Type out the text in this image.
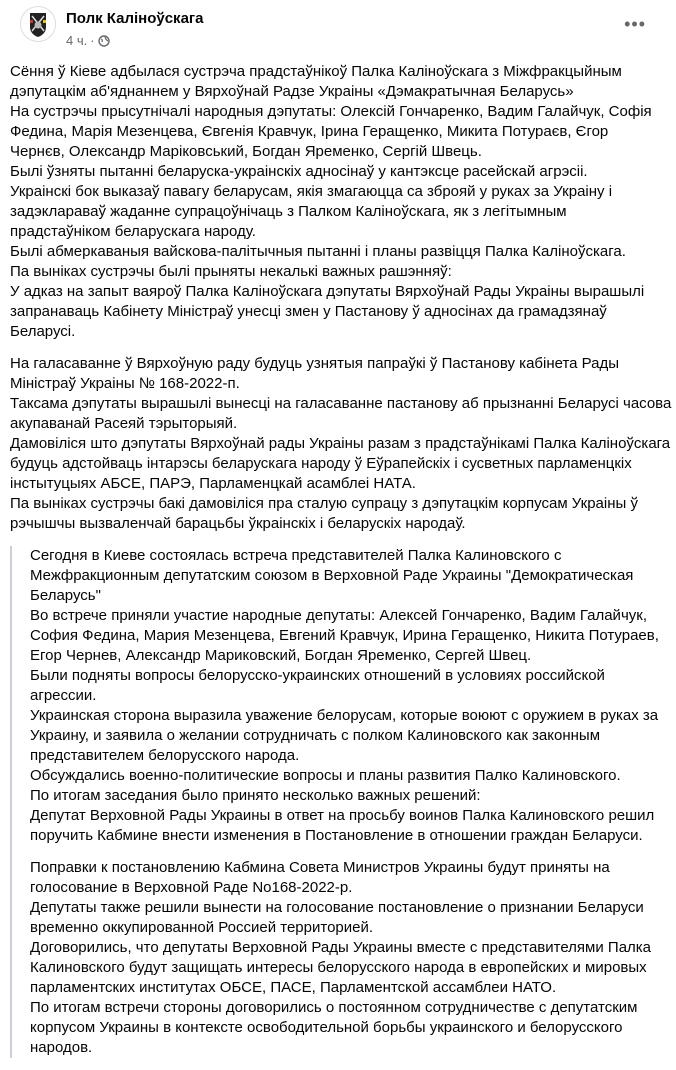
Полк Каліноўскага
4 ч. ·
•••
Сёння ў Кіеве адбылася сустрэча прадстаўнікоў Палка Каліноўскага з Міжфракцыйным
дэпутацкім аб'яднаннем у Вярхоўнай Радзе Украіны «Дэмакратычная Беларусь»
На сустрэчы прысутнічалі народныя дэпутаты: Олексій Гончаренко, Вадим Галайчук, Софія
Федина, Марія Мезенцева, Євгенія Кравчук, Ірина Геращенко, Микита Потураєв, Єгор
Чернєв, Олександр Маріковський, Богдан Яременко, Сергій Швець.
Былі ўзняты пытанні беларуска-украінскіх адносінаў у кантэксце расейскай агрэсіі.
Украінскі бок выказаў павагу беларусам, якія змагаюцца са зброяй у руках за Украіну і
задэклараваў жаданне супрацоўнічаць з Палком Каліноўскага, як з легітымным
прадстаўніком беларускага народу.
Былі абмеркаваныя вайскова-палітычныя пытанні і планы развіцця Палка Каліноўскага.
Па выніках сустрэчы былі прыняты некалькі важных рашэнняў:
У адказ на запыт ваяроў Палка Каліноўскага дэпутаты Вярхоўнай Рады Украіны вырашылі
запранаваць Кабінету Міністраў унесці змен у Пастанову ў адносінах да грамадзянаў
Беларусі.
На галасаванне ў Вярхоўную раду будуць узнятыя папраўкі ў Пастанову кабінета Рады
Міністраў Украіны № 168-2022-п.
Таксама дэпутаты вырашылі вынесці на галасаванне пастанову аб прызнанні Беларусі часова
акупаванай Расеяй тэрыторыяй.
Дамовіліся што дэпутаты Вярхоўнай рады Украіны разам з прадстаўнікамі Палка Каліноўскага
будуць адстойваць інтарэсы беларускага народу ў Еўрапейскіх і сусветных парламенцкіх
інстытуцыях АБСЕ, ПАРЭ, Парламенцкай асамблеі НАТА.
Па выніках сустрэчы бакі дамовіліся пра сталую супрацу з дэпутацкім корпусам Украіны ў
рэчышчы вызваленчай барацьбы ўкраінскіх і беларускіх народаў.
Сегодня в Киеве состоялась встреча представителей Палка Калиновского с
Межфракционным депутатским союзом в Верховной Раде Украины "Демократическая
Беларусь"
Во встрече приняли участие народные депутаты: Алексей Гончаренко, Вадим Галайчук,
София Федина, Мария Мезенцева, Евгений Кравчук, Ирина Геращенко, Никита Потураев,
Егор Чернев, Александр Мариковский, Богдан Яременко, Сергей Швец.
Были подняты вопросы белорусско-украинских отношений в условиях российской
агрессии.
Украинская сторона выразила уважение белорусам, которые воюют с оружием в руках за
Украину, и заявила о желании сотрудничать с полком Калиновского как законным
представителем белорусского народа.
Обсуждались военно-политические вопросы и планы развития Палко Калиновского.
По итогам заседания было принято несколько важных решений:
Депутат Верховной Рады Украины в ответ на просьбу воинов Палка Калиновского решил
поручить Кабмине внести изменения в Постановление в отношении граждан Беларуси.
Поправки к постановлению Кабмина Совета Министров Украины будут приняты на
голосование в Верховной Раде No168-2022-р.
Депутаты также решили вынести на голосование постановление о признании Беларуси
временно оккупированной Россией территорией.
Договорились, что депутаты Верховной Рады Украины вместе с представителями Палка
Калиновского будут защищать интересы белорусского народа в европейских и мировых
парламентских институтах ОБСЕ, ПАСЕ, Парламентской ассамблеи НАТО.
По итогам встречи стороны договорились о постоянном сотрудничестве с депутатским
корпусом Украины в контексте освободительной борьбы украинского и белорусского
народов.
